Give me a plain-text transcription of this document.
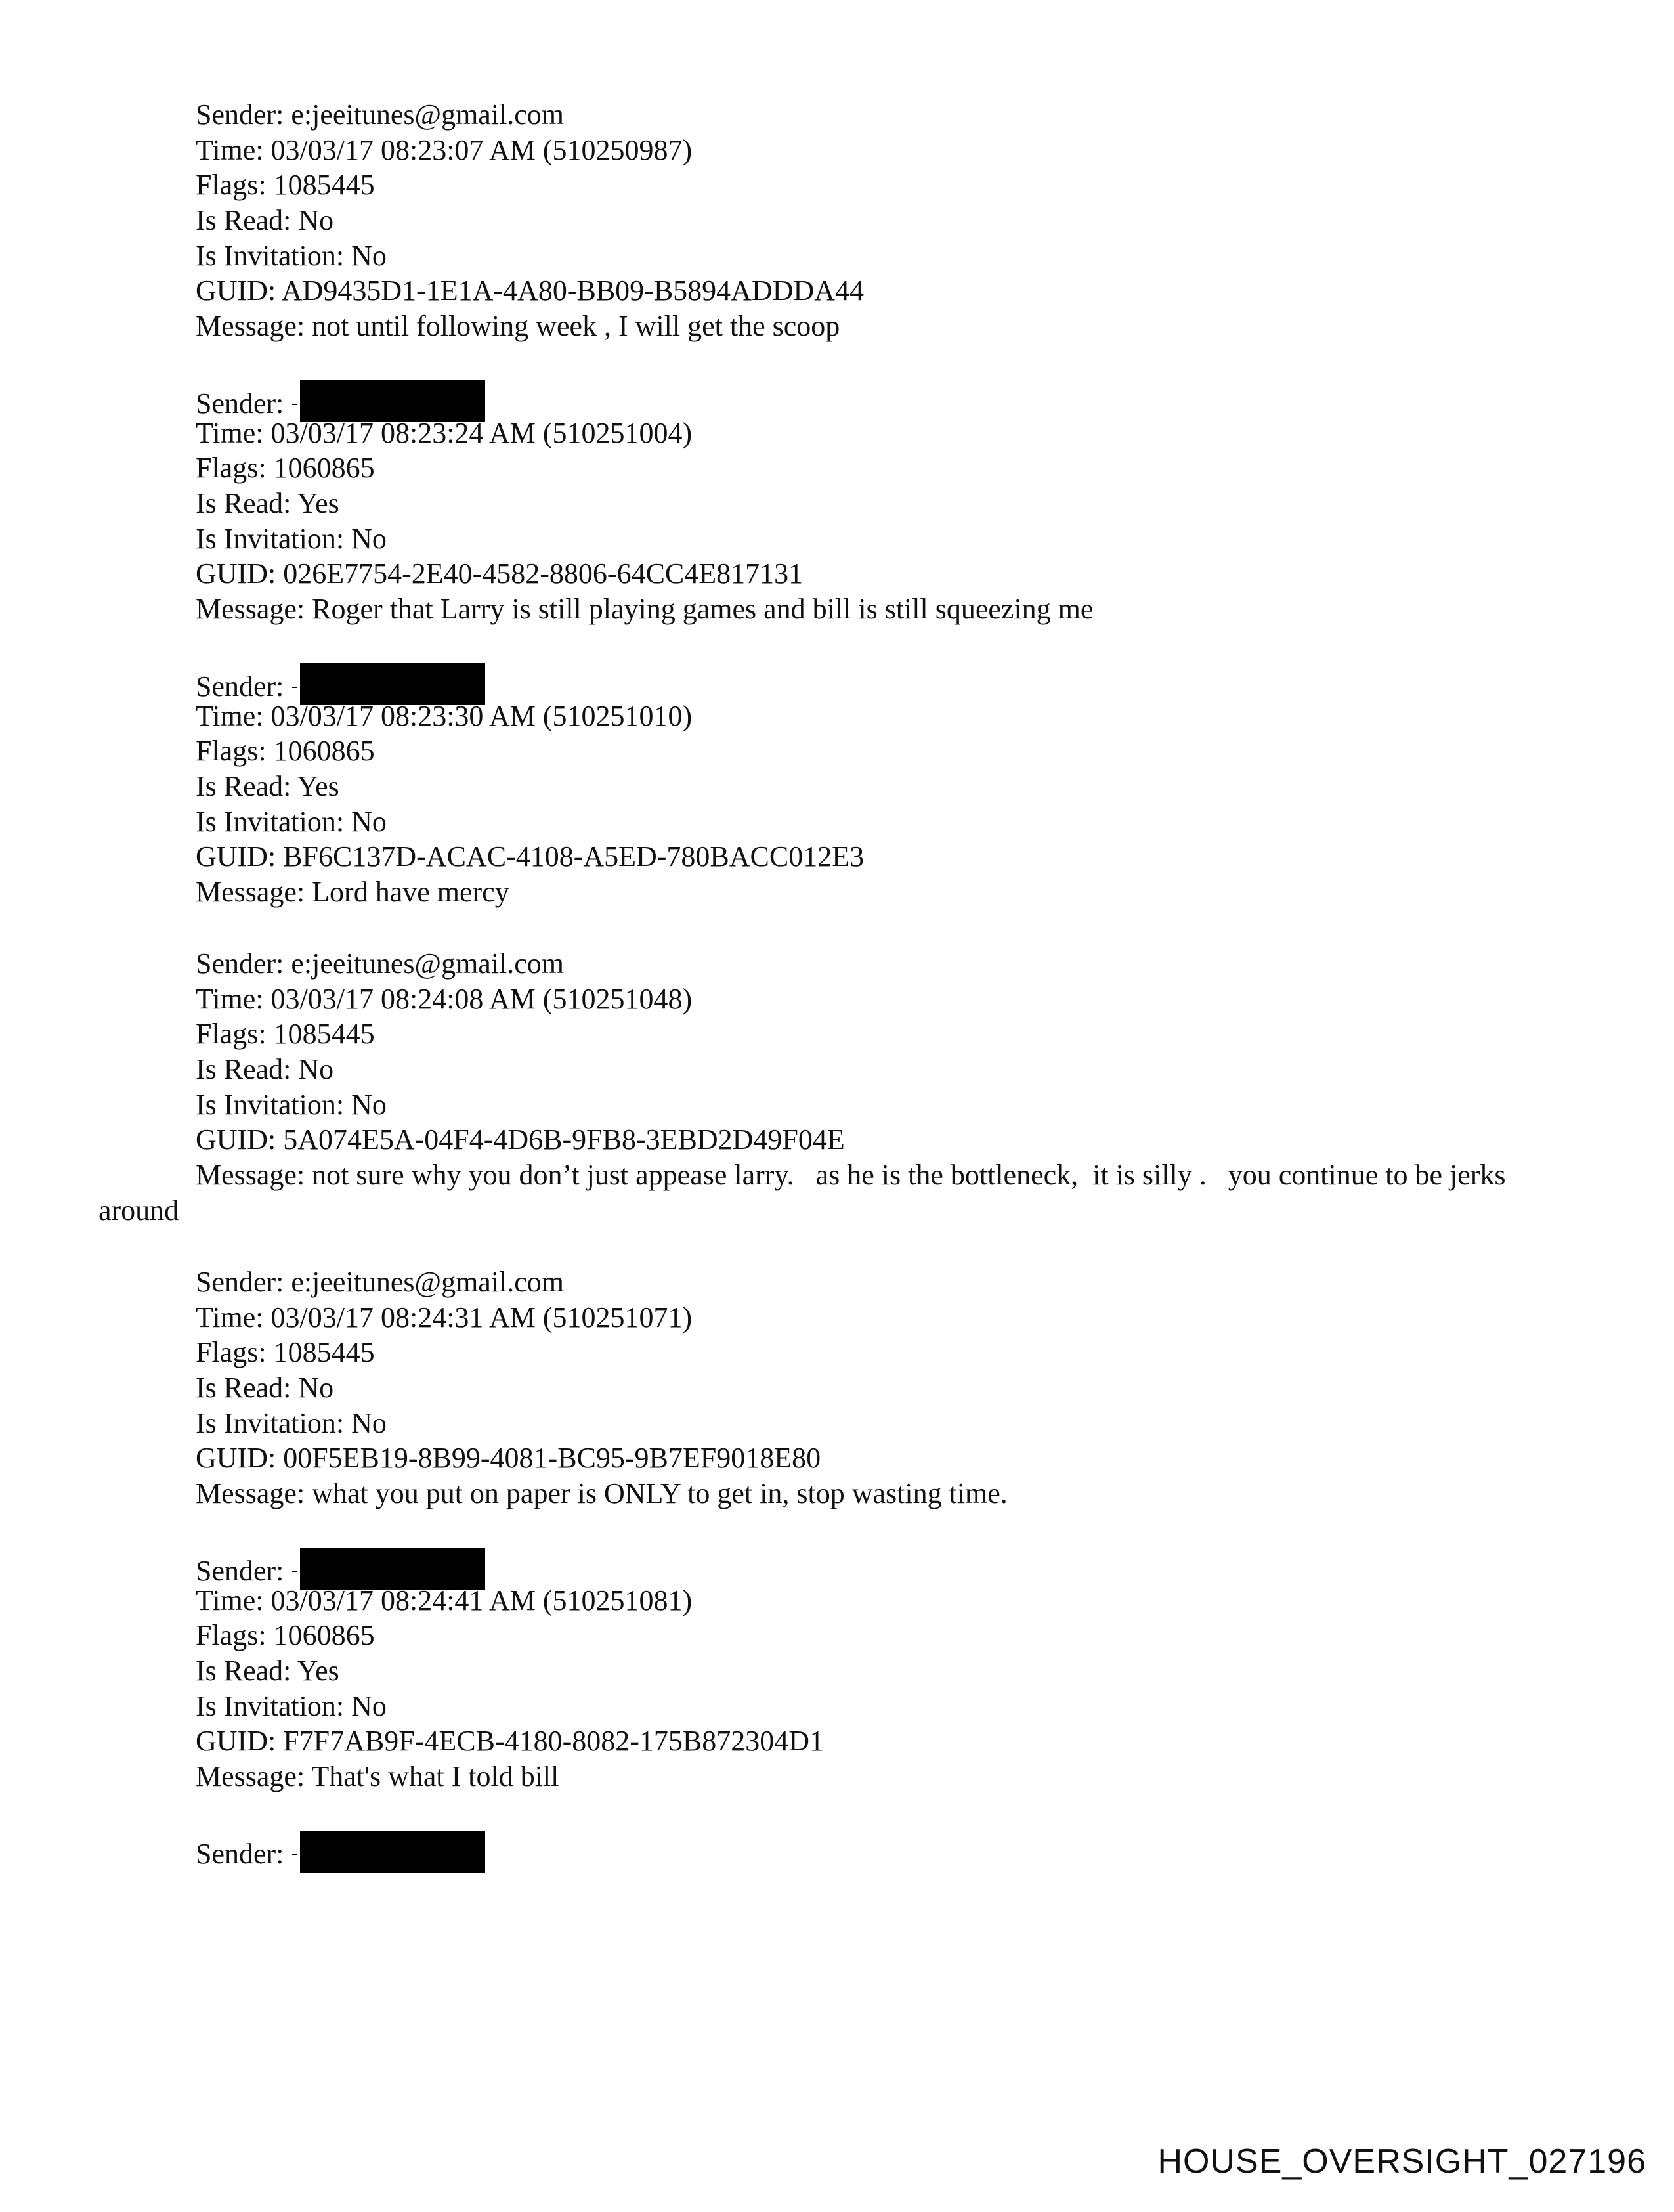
Sender: e:jeeitunes@gmail.com
Time: 03/03/17 08:23:07 AM (510250987)
Flags: 1085445
Is Read: No
Is Invitation: No
GUID: AD9435D1-1E1A-4A80-BB09-B5894ADDDA44
Message: not until following week , I will get the scoop
Sender:
Time: 03/03/17 08:23:24 AM (510251004)
Flags: 1060865
Is Read: Yes
Is Invitation: No
GUID: 026E7754-2E40-4582-8806-64CC4E817131
Message: Roger that Larry is still playing games and bill is still squeezing me
Sender:
Time: 03/03/17 08:23:30 AM (510251010)
Flags: 1060865
Is Read: Yes
Is Invitation: No
GUID: BF6C137D-ACAC-4108-A5ED-780BACC012E3
Message: Lord have mercy
Sender: e:jeeitunes@gmail.com
Time: 03/03/17 08:24:08 AM (510251048)
Flags: 1085445
Is Read: No
Is Invitation: No
GUID: 5A074E5A-04F4-4D6B-9FB8-3EBD2D49F04E
Message: not sure why you don’t just appease larry.   as he is the bottleneck,  it is silly .   you continue to be jerks
around
Sender: e:jeeitunes@gmail.com
Time: 03/03/17 08:24:31 AM (510251071)
Flags: 1085445
Is Read: No
Is Invitation: No
GUID: 00F5EB19-8B99-4081-BC95-9B7EF9018E80
Message: what you put on paper is ONLY to get in, stop wasting time.
Sender:
Time: 03/03/17 08:24:41 AM (510251081)
Flags: 1060865
Is Read: Yes
Is Invitation: No
GUID: F7F7AB9F-4ECB-4180-8082-175B872304D1
Message: That's what I told bill
Sender:
HOUSE_OVERSIGHT_027196
